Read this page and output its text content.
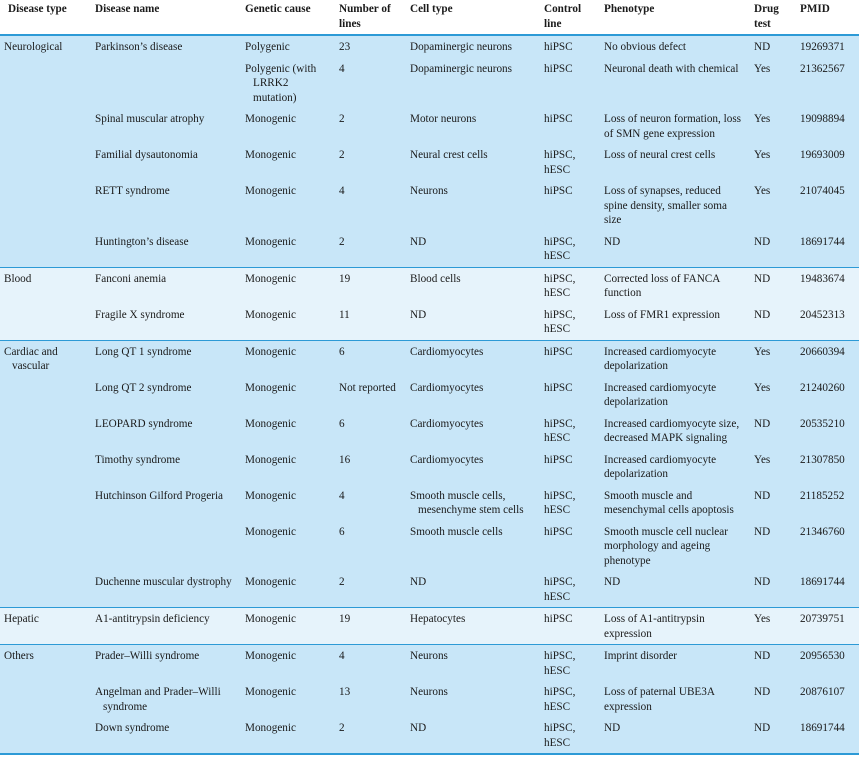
Disease type	Disease name	Genetic cause	Number of lines	Cell type	Control line	Phenotype	Drug test	PMID
Neurological	Parkinson’s disease	Polygenic	23	Dopaminergic neurons	hiPSC	No obvious defect	ND	19269371
		Polygenic (with LRRK2 mutation)	4	Dopaminergic neurons	hiPSC	Neuronal death with chemical	Yes	21362567
	Spinal muscular atrophy	Monogenic	2	Motor neurons	hiPSC	Loss of neuron formation, loss of SMN gene expression	Yes	19098894
	Familial dysautonomia	Monogenic	2	Neural crest cells	hiPSC, hESC	Loss of neural crest cells	Yes	19693009
	RETT syndrome	Monogenic	4	Neurons	hiPSC	Loss of synapses, reduced spine density, smaller soma size	Yes	21074045
	Huntington’s disease	Monogenic	2	ND	hiPSC, hESC	ND	ND	18691744
Blood	Fanconi anemia	Monogenic	19	Blood cells	hiPSC, hESC	Corrected loss of FANCA function	ND	19483674
	Fragile X syndrome	Monogenic	11	ND	hiPSC, hESC	Loss of FMR1 expression	ND	20452313
Cardiac and vascular	Long QT 1 syndrome	Monogenic	6	Cardiomyocytes	hiPSC	Increased cardiomyocyte depolarization	Yes	20660394
	Long QT 2 syndrome	Monogenic	Not reported	Cardiomyocytes	hiPSC	Increased cardiomyocyte depolarization	Yes	21240260
	LEOPARD syndrome	Monogenic	6	Cardiomyocytes	hiPSC, hESC	Increased cardiomyocyte size, decreased MAPK signaling	ND	20535210
	Timothy syndrome	Monogenic	16	Cardiomyocytes	hiPSC	Increased cardiomyocyte depolarization	Yes	21307850
	Hutchinson Gilford Progeria	Monogenic	4	Smooth muscle cells, mesenchyme stem cells	hiPSC, hESC	Smooth muscle and mesenchymal cells apoptosis	ND	21185252
		Monogenic	6	Smooth muscle cells	hiPSC	Smooth muscle cell nuclear morphology and ageing phenotype	ND	21346760
	Duchenne muscular dystrophy	Monogenic	2	ND	hiPSC, hESC	ND	ND	18691744
Hepatic	A1-antitrypsin deficiency	Monogenic	19	Hepatocytes	hiPSC	Loss of A1-antitrypsin expression	Yes	20739751
Others	Prader–Willi syndrome	Monogenic	4	Neurons	hiPSC, hESC	Imprint disorder	ND	20956530
	Angelman and Prader–Willi syndrome	Monogenic	13	Neurons	hiPSC, hESC	Loss of paternal UBE3A expression	ND	20876107
	Down syndrome	Monogenic	2	ND	hiPSC, hESC	ND	ND	18691744
